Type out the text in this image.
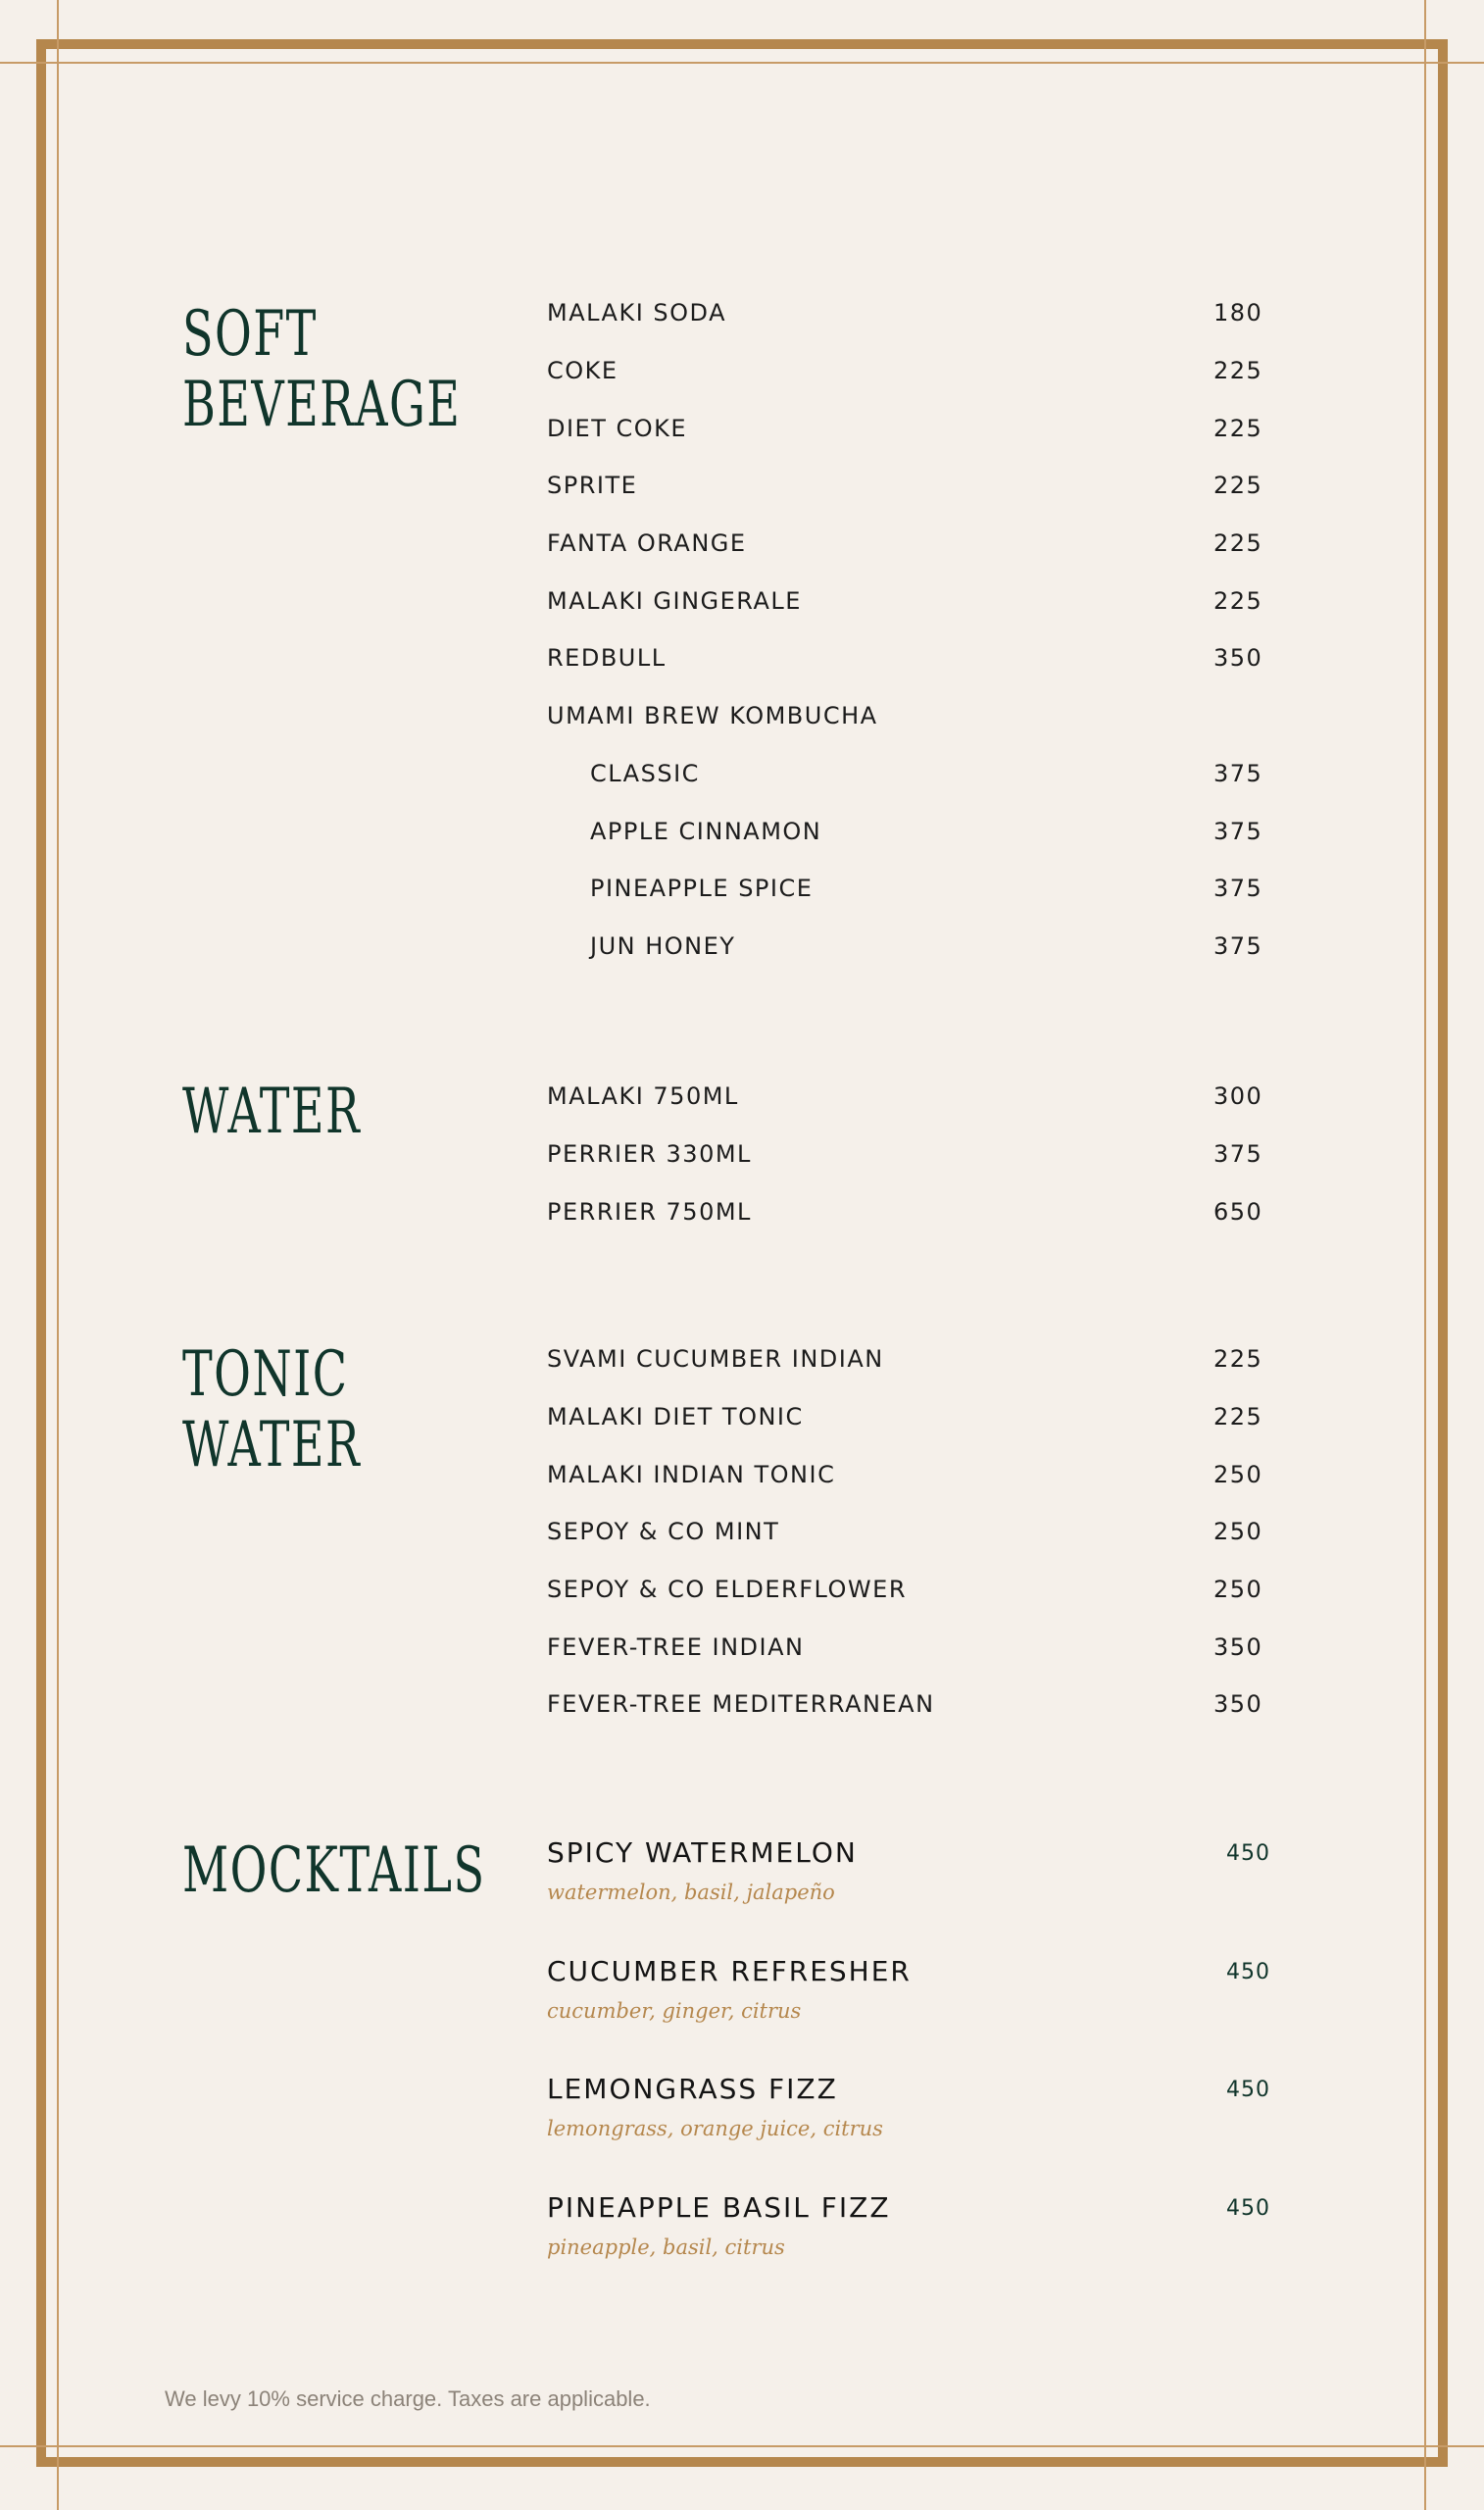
SOFT
BEVERAGE
MALAKI SODA	180
COKE	225
DIET COKE	225
SPRITE	225
FANTA ORANGE	225
MALAKI GINGERALE	225
REDBULL	350
UMAMI BREW KOMBUCHA
CLASSIC	375
APPLE CINNAMON	375
PINEAPPLE SPICE	375
JUN HONEY	375
WATER	MALAKI 750ML	300
PERRIER 330ML	375
PERRIER 750ML	650
TONIC
WATER
SVAMI CUCUMBER INDIAN	225
MALAKI DIET TONIC	225
MALAKI INDIAN TONIC	250
SEPOY & CO MINT	250
SEPOY & CO ELDERFLOWER	250
FEVER-TREE INDIAN	350
FEVER-TREE MEDITERRANEAN	350
MOCKTAILS SPICY WATERMELON
watermelon, basil, jalapeño
450
CUCUMBER REFRESHER
cucumber, ginger, citrus
450
LEMONGRASS FIZZ
lemongrass, orange juice, citrus
450
PINEAPPLE BASIL FIZZ
pineapple, basil, citrus
450

We levy 10% service charge. Taxes are applicable.
